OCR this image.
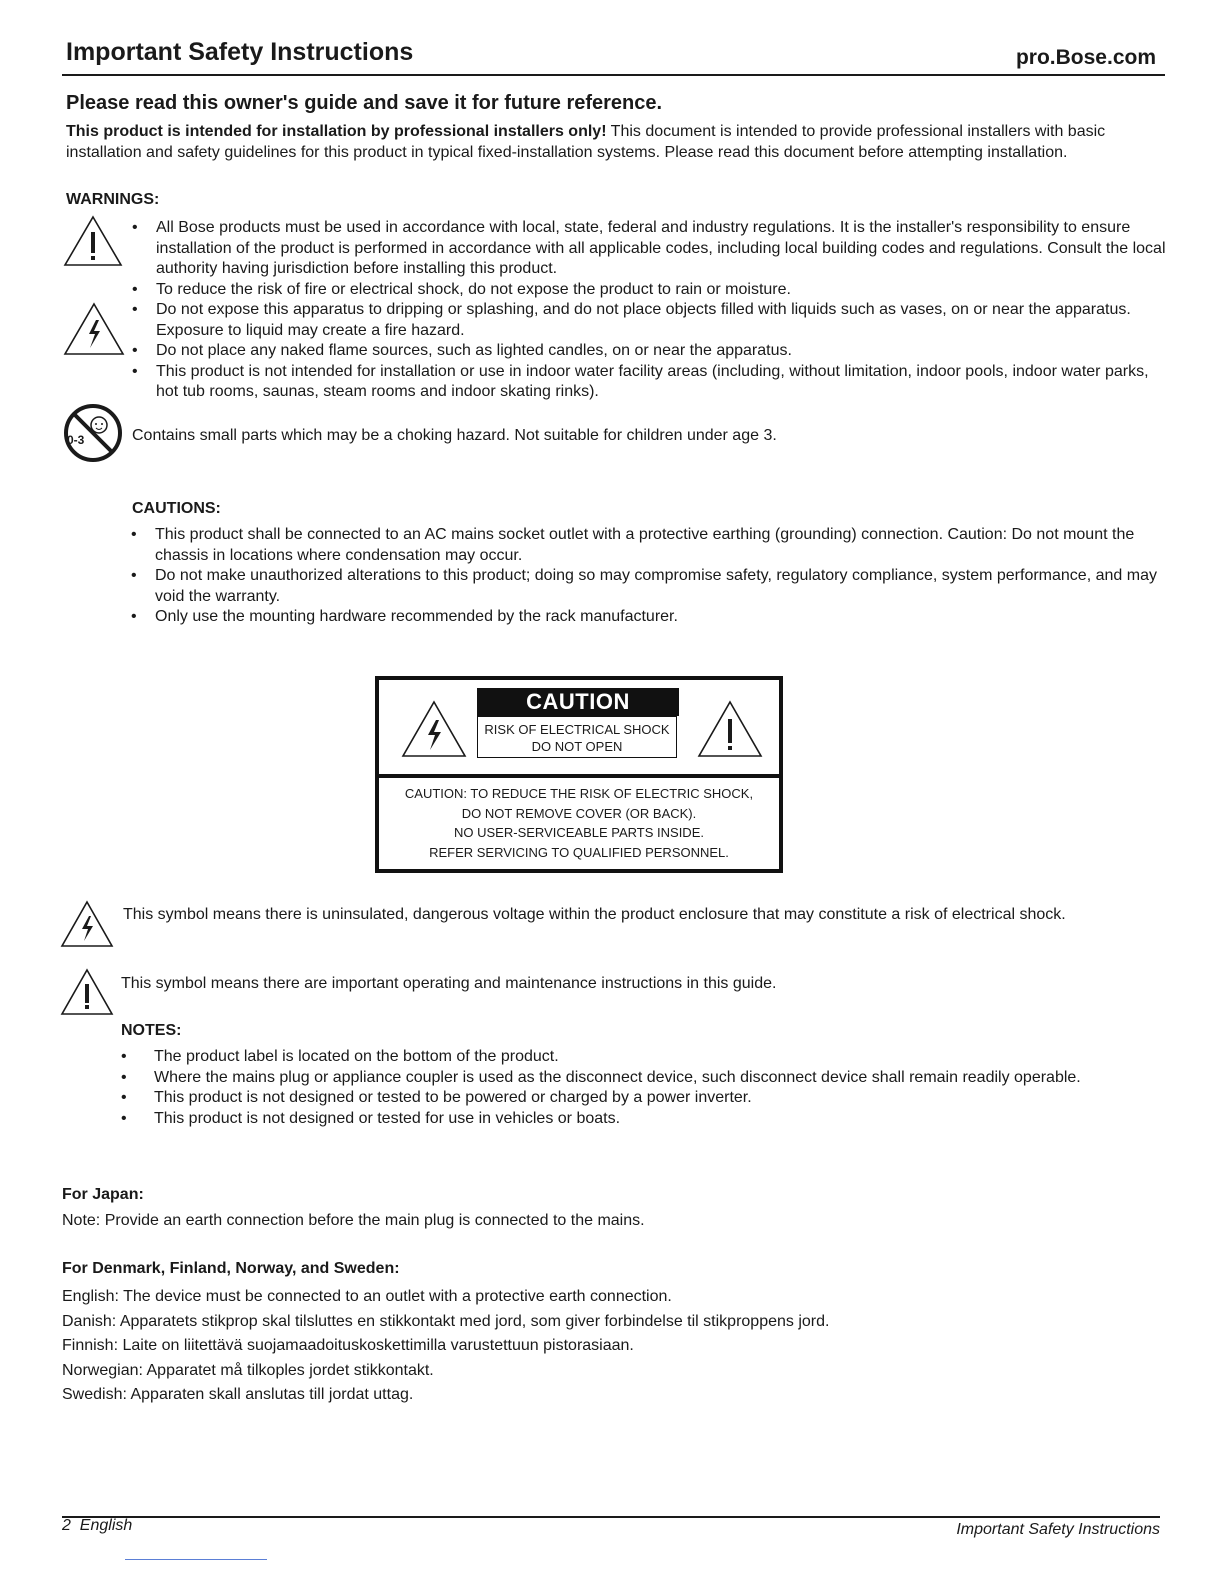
Important Safety Instructions	pro.Bose.com
Please read this owner's guide and save it for future reference.
This product is intended for installation by professional installers only! This document is intended to provide professional installers with basic installation and safety guidelines for this product in typical fixed-installation systems. Please read this document before attempting installation.
WARNINGS:
• All Bose products must be used in accordance with local, state, federal and industry regulations. It is the installer's responsibility to ensure installation of the product is performed in accordance with all applicable codes, including local building codes and regulations. Consult the local authority having jurisdiction before installing this product.
• To reduce the risk of fire or electrical shock, do not expose the product to rain or moisture.
• Do not expose this apparatus to dripping or splashing, and do not place objects filled with liquids such as vases, on or near the apparatus. Exposure to liquid may create a fire hazard.
• Do not place any naked flame sources, such as lighted candles, on or near the apparatus.
• This product is not intended for installation or use in indoor water facility areas (including, without limitation, indoor pools, indoor water parks, hot tub rooms, saunas, steam rooms and indoor skating rinks).
0-3	Contains small parts which may be a choking hazard. Not suitable for children under age 3.
CAUTIONS:
• This product shall be connected to an AC mains socket outlet with a protective earthing (grounding) connection. Caution: Do not mount the chassis in locations where condensation may occur.
• Do not make unauthorized alterations to this product; doing so may compromise safety, regulatory compliance, system performance, and may void the warranty.
• Only use the mounting hardware recommended by the rack manufacturer.
CAUTION
RISK OF ELECTRICAL SHOCK
DO NOT OPEN
CAUTION: TO REDUCE THE RISK OF ELECTRIC SHOCK,
DO NOT REMOVE COVER (OR BACK).
NO USER-SERVICEABLE PARTS INSIDE.
REFER SERVICING TO QUALIFIED PERSONNEL.
This symbol means there is uninsulated, dangerous voltage within the product enclosure that may constitute a risk of electrical shock.
This symbol means there are important operating and maintenance instructions in this guide.
NOTES:
• The product label is located on the bottom of the product.
• Where the mains plug or appliance coupler is used as the disconnect device, such disconnect device shall remain readily operable.
• This product is not designed or tested to be powered or charged by a power inverter.
• This product is not designed or tested for use in vehicles or boats.
For Japan:
Note: Provide an earth connection before the main plug is connected to the mains.
For Denmark, Finland, Norway, and Sweden:
English: The device must be connected to an outlet with a protective earth connection.
Danish: Apparatets stikprop skal tilsluttes en stikkontakt med jord, som giver forbindelse til stikproppens jord.
Finnish: Laite on liitettävä suojamaadoituskoskettimilla varustettuun pistorasiaan.
Norwegian: Apparatet må tilkoples jordet stikkontakt.
Swedish: Apparaten skall anslutas till jordat uttag.
2  English	Important Safety Instructions
